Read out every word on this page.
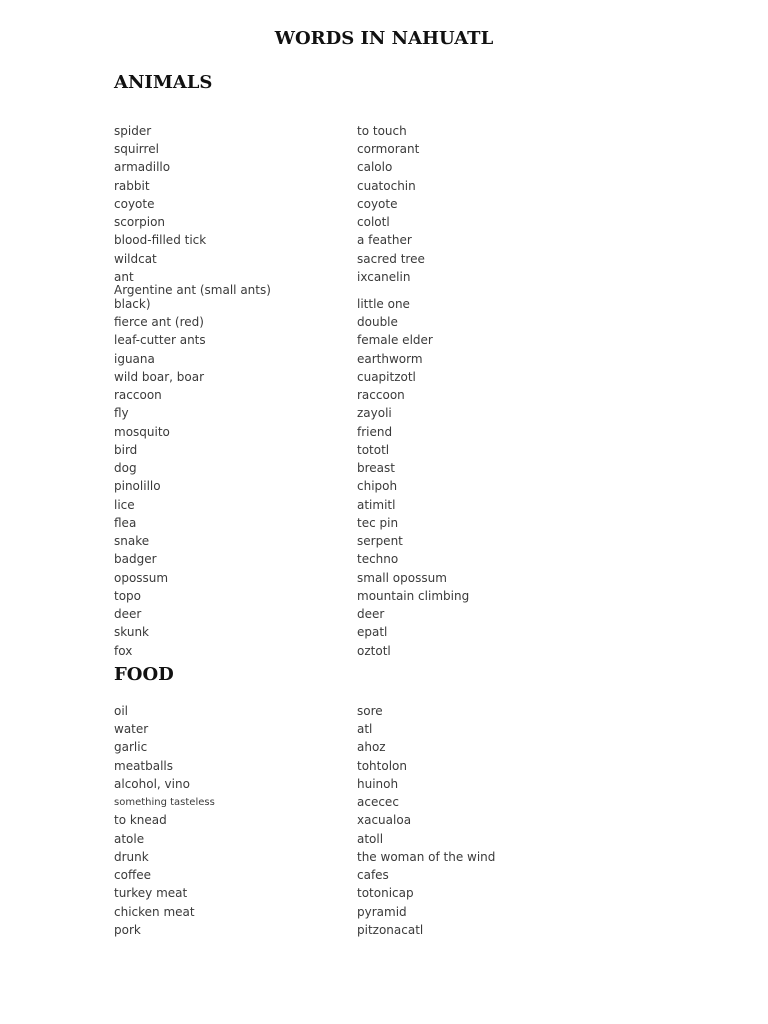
WORDS IN NAHUATL
ANIMALS
spider	to touch
squirrel	cormorant
armadillo	calolo
rabbit	cuatochin
coyote	coyote
scorpion	colotl
blood-filled tick	a feather
wildcat	sacred tree
ant	ixcanelin
Argentine ant (small ants)
black)	little one
fierce ant (red)	double
leaf-cutter ants	female elder
iguana	earthworm
wild boar, boar	cuapitzotl
raccoon	raccoon
fly	zayoli
mosquito	friend
bird	tototl
dog	breast
pinolillo	chipoh
lice	atimitl
flea	tec pin
snake	serpent
badger	techno
opossum	small opossum
topo	mountain climbing
deer	deer
skunk	epatl
fox	oztotl
FOOD
oil	sore
water	atl
garlic	ahoz
meatballs	tohtolon
alcohol, vino	huinoh
something tasteless	acecec
to knead	xacualoa
atole	atoll
drunk	the woman of the wind
coffee	cafes
turkey meat	totonicap
chicken meat	pyramid
pork	pitzonacatl
